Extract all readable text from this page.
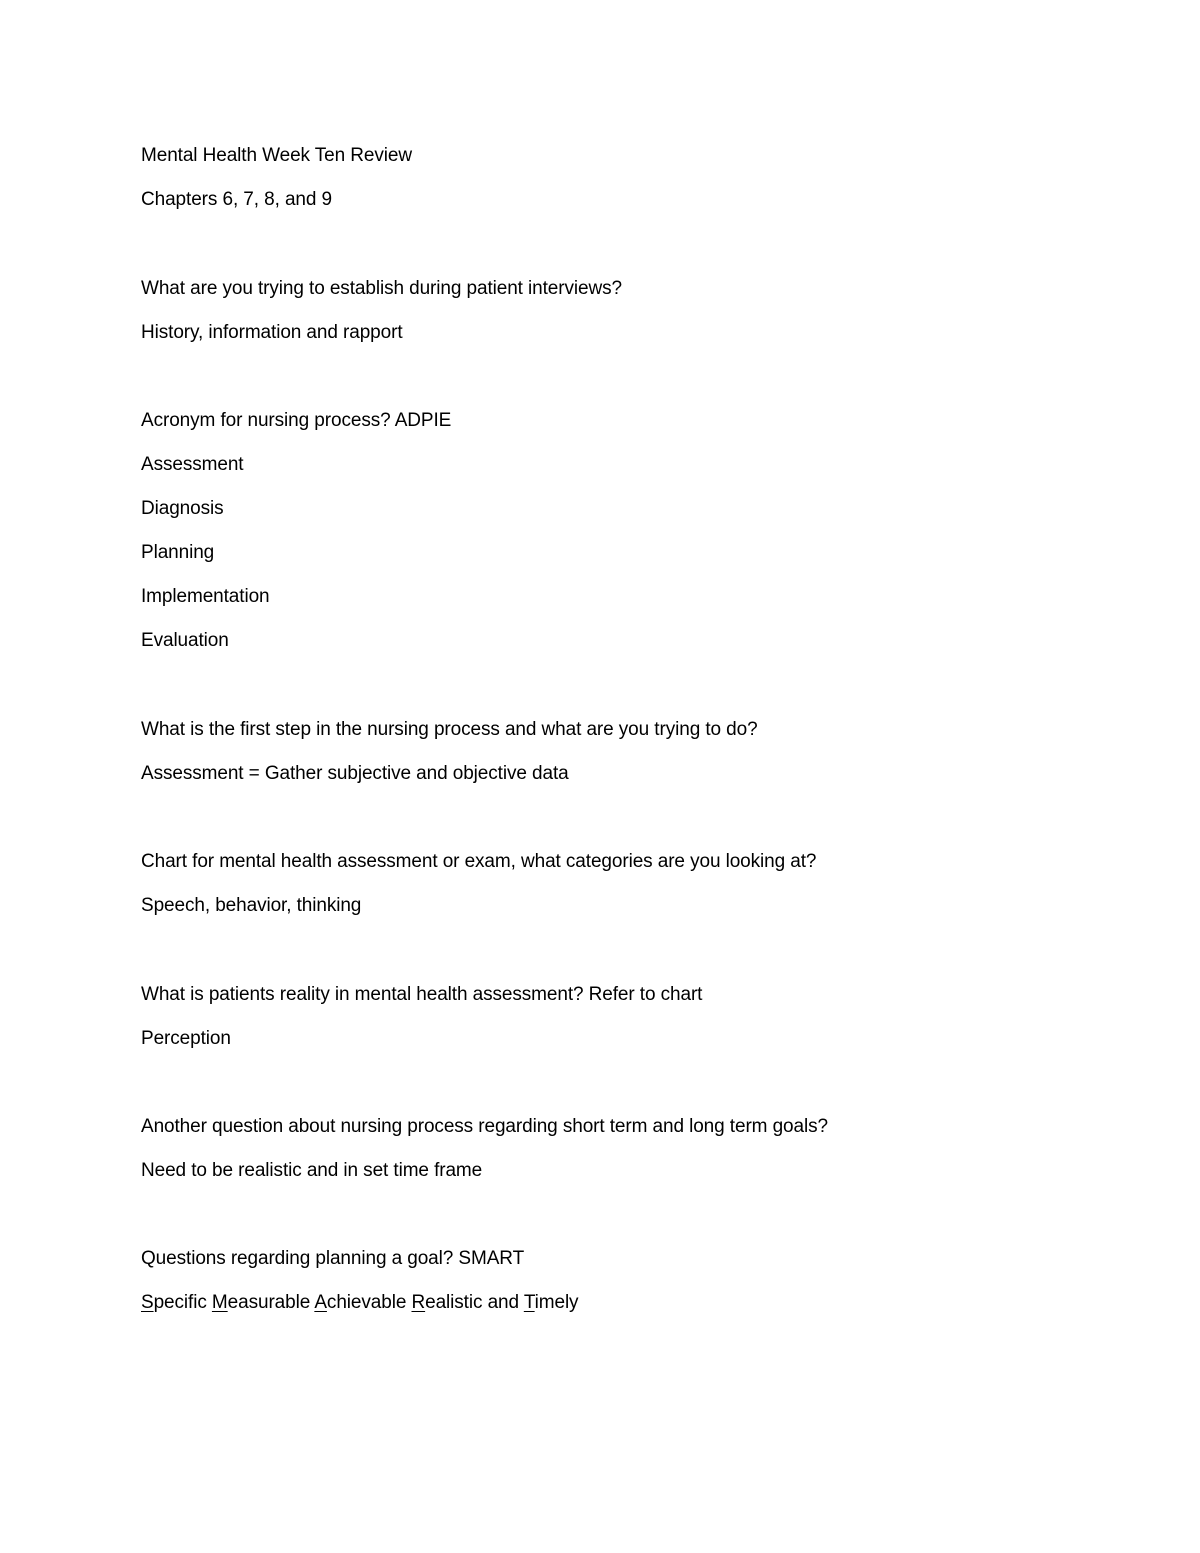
Mental Health Week Ten Review
Chapters 6, 7, 8, and 9
What are you trying to establish during patient interviews?
History, information and rapport
Acronym for nursing process? ADPIE
Assessment
Diagnosis
Planning
Implementation
Evaluation
What is the first step in the nursing process and what are you trying to do?
Assessment = Gather subjective and objective data
Chart for mental health assessment or exam, what categories are you looking at?
Speech, behavior, thinking
What is patients reality in mental health assessment? Refer to chart
Perception
Another question about nursing process regarding short term and long term goals?
Need to be realistic and in set time frame
Questions regarding planning a goal? SMART
Specific Measurable Achievable Realistic and Timely
